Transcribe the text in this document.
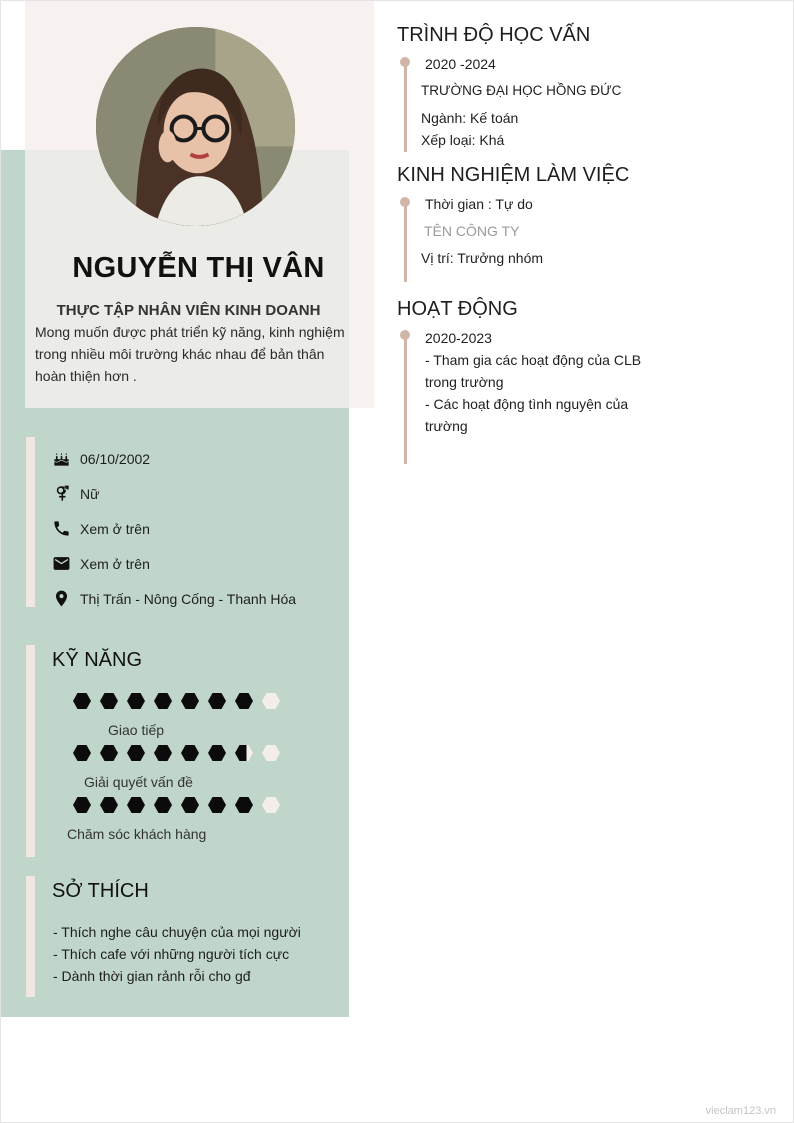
NGUYỄN THỊ VÂN
THỰC TẬP NHÂN VIÊN KINH DOANH
Mong muốn được phát triển kỹ năng, kinh nghiệm trong nhiều môi trường khác nhau để bản thân hoàn thiện hơn .
06/10/2002
Nữ
Xem ở trên
Xem ở trên
Thị Trấn - Nông Cống - Thanh Hóa
KỸ NĂNG
Giao tiếp
Giải quyết vấn đề
Chăm sóc khách hàng
SỞ THÍCH
- Thích nghe câu chuyện của mọi người
- Thích cafe với những người tích cực
- Dành thời gian rảnh rỗi cho gđ
TRÌNH ĐỘ HỌC VẤN
2020 -2024
TRƯỜNG ĐẠI HỌC HỒNG ĐỨC
Ngành: Kế toán
Xếp loại: Khá
KINH NGHIỆM LÀM VIỆC
Thời gian : Tự do
TÊN CÔNG TY
Vị trí: Trưởng nhóm
HOẠT ĐỘNG
2020-2023
- Tham gia các hoạt động của CLB trong trường
- Các hoạt động tình nguyện của trường
vieclam123.vn
